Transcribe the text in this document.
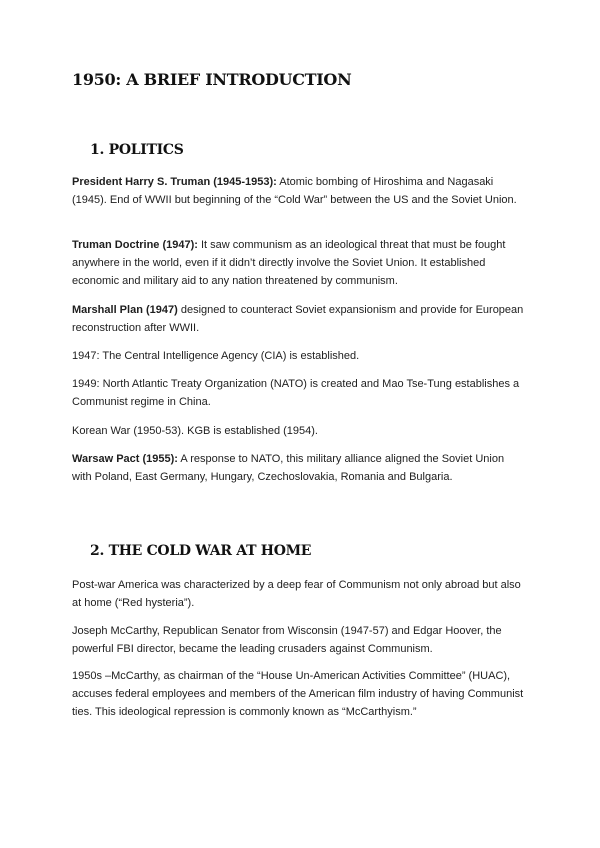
1950: A BRIEF INTRODUCTION
1. POLITICS

President Harry S. Truman (1945-1953): Atomic bombing of Hiroshima and Nagasaki (1945). End of WWII but beginning of the “Cold War” between the US and the Soviet Union.

Truman Doctrine (1947): It saw communism as an ideological threat that must be fought anywhere in the world, even if it didn’t directly involve the Soviet Union. It established economic and military aid to any nation threatened by communism.

Marshall Plan (1947) designed to counteract Soviet expansionism and provide for European reconstruction after WWII.

1947: The Central Intelligence Agency (CIA) is established.

1949: North Atlantic Treaty Organization (NATO) is created and Mao Tse-Tung establishes a Communist regime in China.

Korean War (1950-53). KGB is established (1954).

Warsaw Pact (1955): A response to NATO, this military alliance aligned the Soviet Union with Poland, East Germany, Hungary, Czechoslovakia, Romania and Bulgaria.

2. THE COLD WAR AT HOME

Post-war America was characterized by a deep fear of Communism not only abroad but also at home (“Red hysteria”).

Joseph McCarthy, Republican Senator from Wisconsin (1947-57) and Edgar Hoover, the powerful FBI director, became the leading crusaders against Communism.

1950s –McCarthy, as chairman of the “House Un-American Activities Committee” (HUAC), accuses federal employees and members of the American film industry of having Communist ties. This ideological repression is commonly known as “McCarthyism.”
